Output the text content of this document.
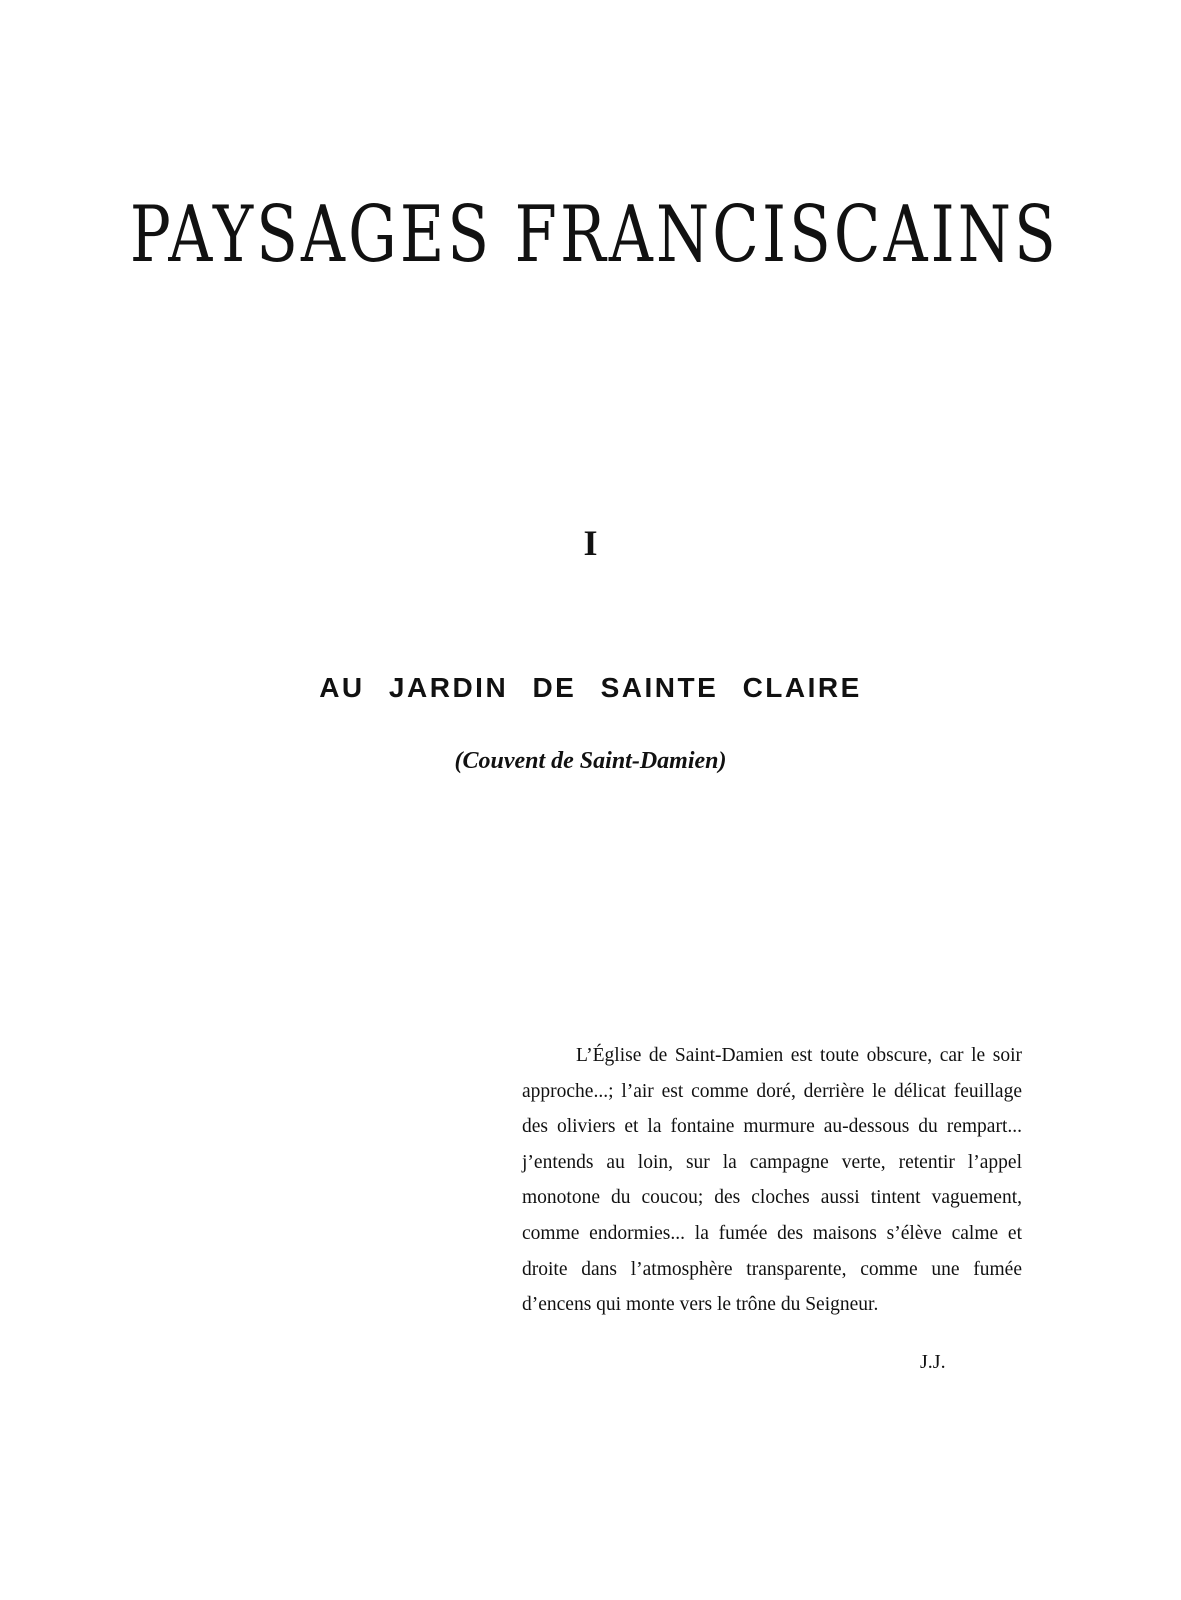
PAYSAGES FRANCISCAINS
I
AU JARDIN DE SAINTE CLAIRE
(Couvent de Saint-Damien)

L’Église de Saint-Damien est toute obscure, car le soir approche...; l’air est comme doré, derrière le délicat feuillage des oliviers et la fontaine murmure au-dessous du rempart... j’entends au loin, sur la campagne verte, retentir l’appel monotone du coucou; des cloches aussi tintent vaguement, comme endormies... la fumée des maisons s’élève calme et droite dans l’atmosphère transparente, comme une fumée d’encens qui monte vers le trône du Seigneur.

J.J.
